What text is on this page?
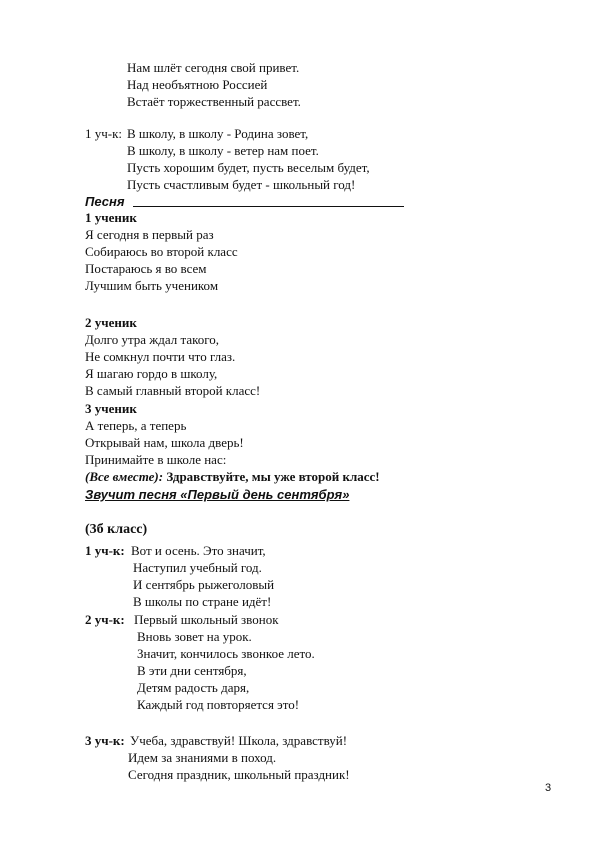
Нам шлёт сегодня свой привет.
Над необъятною Россией
Встаёт торжественный рассвет.
1 уч-к: В школу, в школу - Родина зовет,
В школу, в школу - ветер нам поет.
Пусть хорошим будет, пусть веселым будет,
Пусть счастливым будет - школьный год!
Песня
1 ученик
Я сегодня в первый раз
Собираюсь во второй класс
Постараюсь я во всем
Лучшим быть учеником
2 ученик
Долго утра ждал такого,
Не сомкнул почти что глаз.
Я шагаю гордо в школу,
В самый главный второй класс!
3 ученик
А теперь, а теперь
Открывай нам, школа дверь!
Принимайте в школе нас:
(Все вместе): Здравствуйте, мы уже второй класс!
Звучит песня «Первый день сентября»
(3б класс)
1 уч-к: Вот и осень. Это значит,
Наступил учебный год.
И сентябрь рыжеголовый
В школы по стране идёт!
2 уч-к: Первый школьный звонок
Вновь зовет на урок.
Значит, кончилось звонкое лето.
В эти дни сентября,
Детям радость даря,
Каждый год повторяется это!
3 уч-к: Учеба, здравствуй! Школа, здравствуй!
Идем за знаниями в поход.
Сегодня праздник, школьный праздник!
3
